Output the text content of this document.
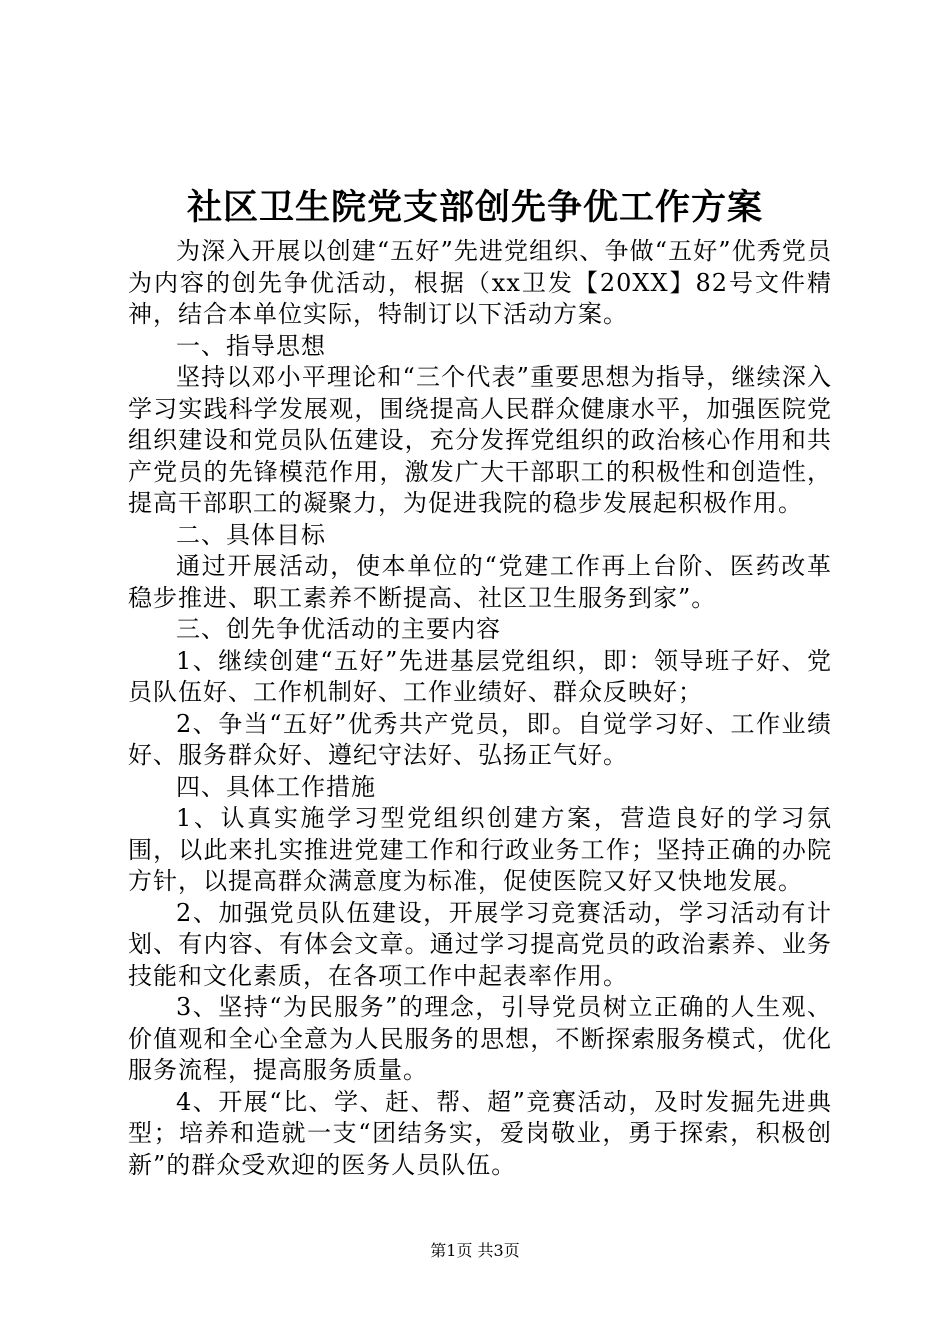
社区卫生院党支部创先争优工作方案

为深入开展以创建“五好”先进党组织、争做“五好”优秀党员为内容的创先争优活动，根据（xx卫发【20XX】82号文件精神，结合本单位实际，特制订以下活动方案。

一、指导思想

坚持以邓小平理论和“三个代表”重要思想为指导，继续深入学习实践科学发展观，围绕提高人民群众健康水平，加强医院党组织建设和党员队伍建设，充分发挥党组织的政治核心作用和共产党员的先锋模范作用，激发广大干部职工的积极性和创造性，提高干部职工的凝聚力，为促进我院的稳步发展起积极作用。

二、具体目标

通过开展活动，使本单位的“党建工作再上台阶、医药改革稳步推进、职工素养不断提高、社区卫生服务到家”。

三、创先争优活动的主要内容

1、继续创建“五好”先进基层党组织，即：领导班子好、党员队伍好、工作机制好、工作业绩好、群众反映好；

2、争当“五好”优秀共产党员，即。自觉学习好、工作业绩好、服务群众好、遵纪守法好、弘扬正气好。

四、具体工作措施

1、认真实施学习型党组织创建方案，营造良好的学习氛围，以此来扎实推进党建工作和行政业务工作；坚持正确的办院方针，以提高群众满意度为标准，促使医院又好又快地发展。

2、加强党员队伍建设，开展学习竞赛活动，学习活动有计划、有内容、有体会文章。通过学习提高党员的政治素养、业务技能和文化素质，在各项工作中起表率作用。

3、坚持“为民服务”的理念，引导党员树立正确的人生观、价值观和全心全意为人民服务的思想，不断探索服务模式，优化服务流程，提高服务质量。

4、开展“比、学、赶、帮、超”竞赛活动，及时发掘先进典型；培养和造就一支“团结务实，爱岗敬业，勇于探索，积极创新”的群众受欢迎的医务人员队伍。

第1页 共3页
